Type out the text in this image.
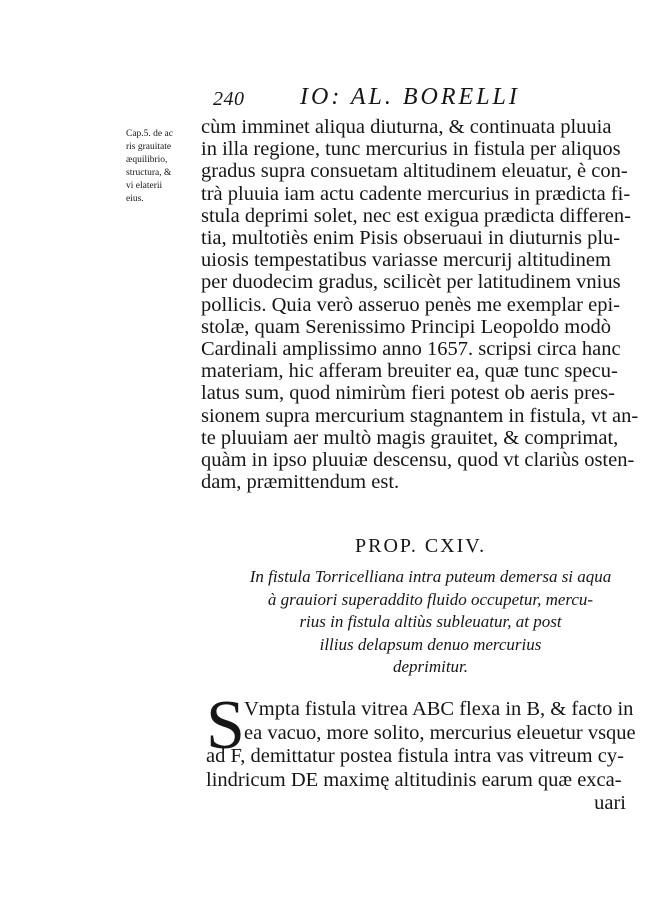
240 IO: AL. BORELLI
Cap.5. de ac
ris grauitate
æquilibrio,
structura, &
vi elaterii
eius.
cùm imminet aliqua diuturna, & continuata pluuia
in illa regione, tunc mercurius in fistula per aliquos
gradus supra consuetam altitudinem eleuatur, è con-
trà pluuia iam actu cadente mercurius in prædicta fi-
stula deprimi solet, nec est exigua prædicta differen-
tia, multotiès enim Pisis obseruaui in diuturnis plu-
uiosis tempestatibus variasse mercurij altitudinem
per duodecim gradus, scilicèt per latitudinem vnius
pollicis. Quia verò asseruo penès me exemplar epi-
stolæ, quam Serenissimo Principi Leopoldo modò
Cardinali amplissimo anno 1657. scripsi circa hanc
materiam, hic afferam breuiter ea, quæ tunc specu-
latus sum, quod nimirùm fieri potest ob aeris pres-
sionem supra mercurium stagnantem in fistula, vt an-
te pluuiam aer multò magis grauitet, & comprimat,
quàm in ipso pluuiæ descensu, quod vt clariùs osten-
dam, præmittendum est.
PROP. CXIV.
In fistula Torricelliana intra puteum demersa si aqua
à grauiori superaddito fluido occupetur, mercu-
rius in fistula altiùs subleuatur, at post
illius delapsum denuo mercurius
deprimitur.
S Vmpta fistula vitrea ABC flexa in B, & facto in
ea vacuo, more solito, mercurius eleuetur vsque
ad F, demittatur postea fistula intra vas vitreum cy-
lindricum DE maximę altitudinis earum quæ exca-
uari
